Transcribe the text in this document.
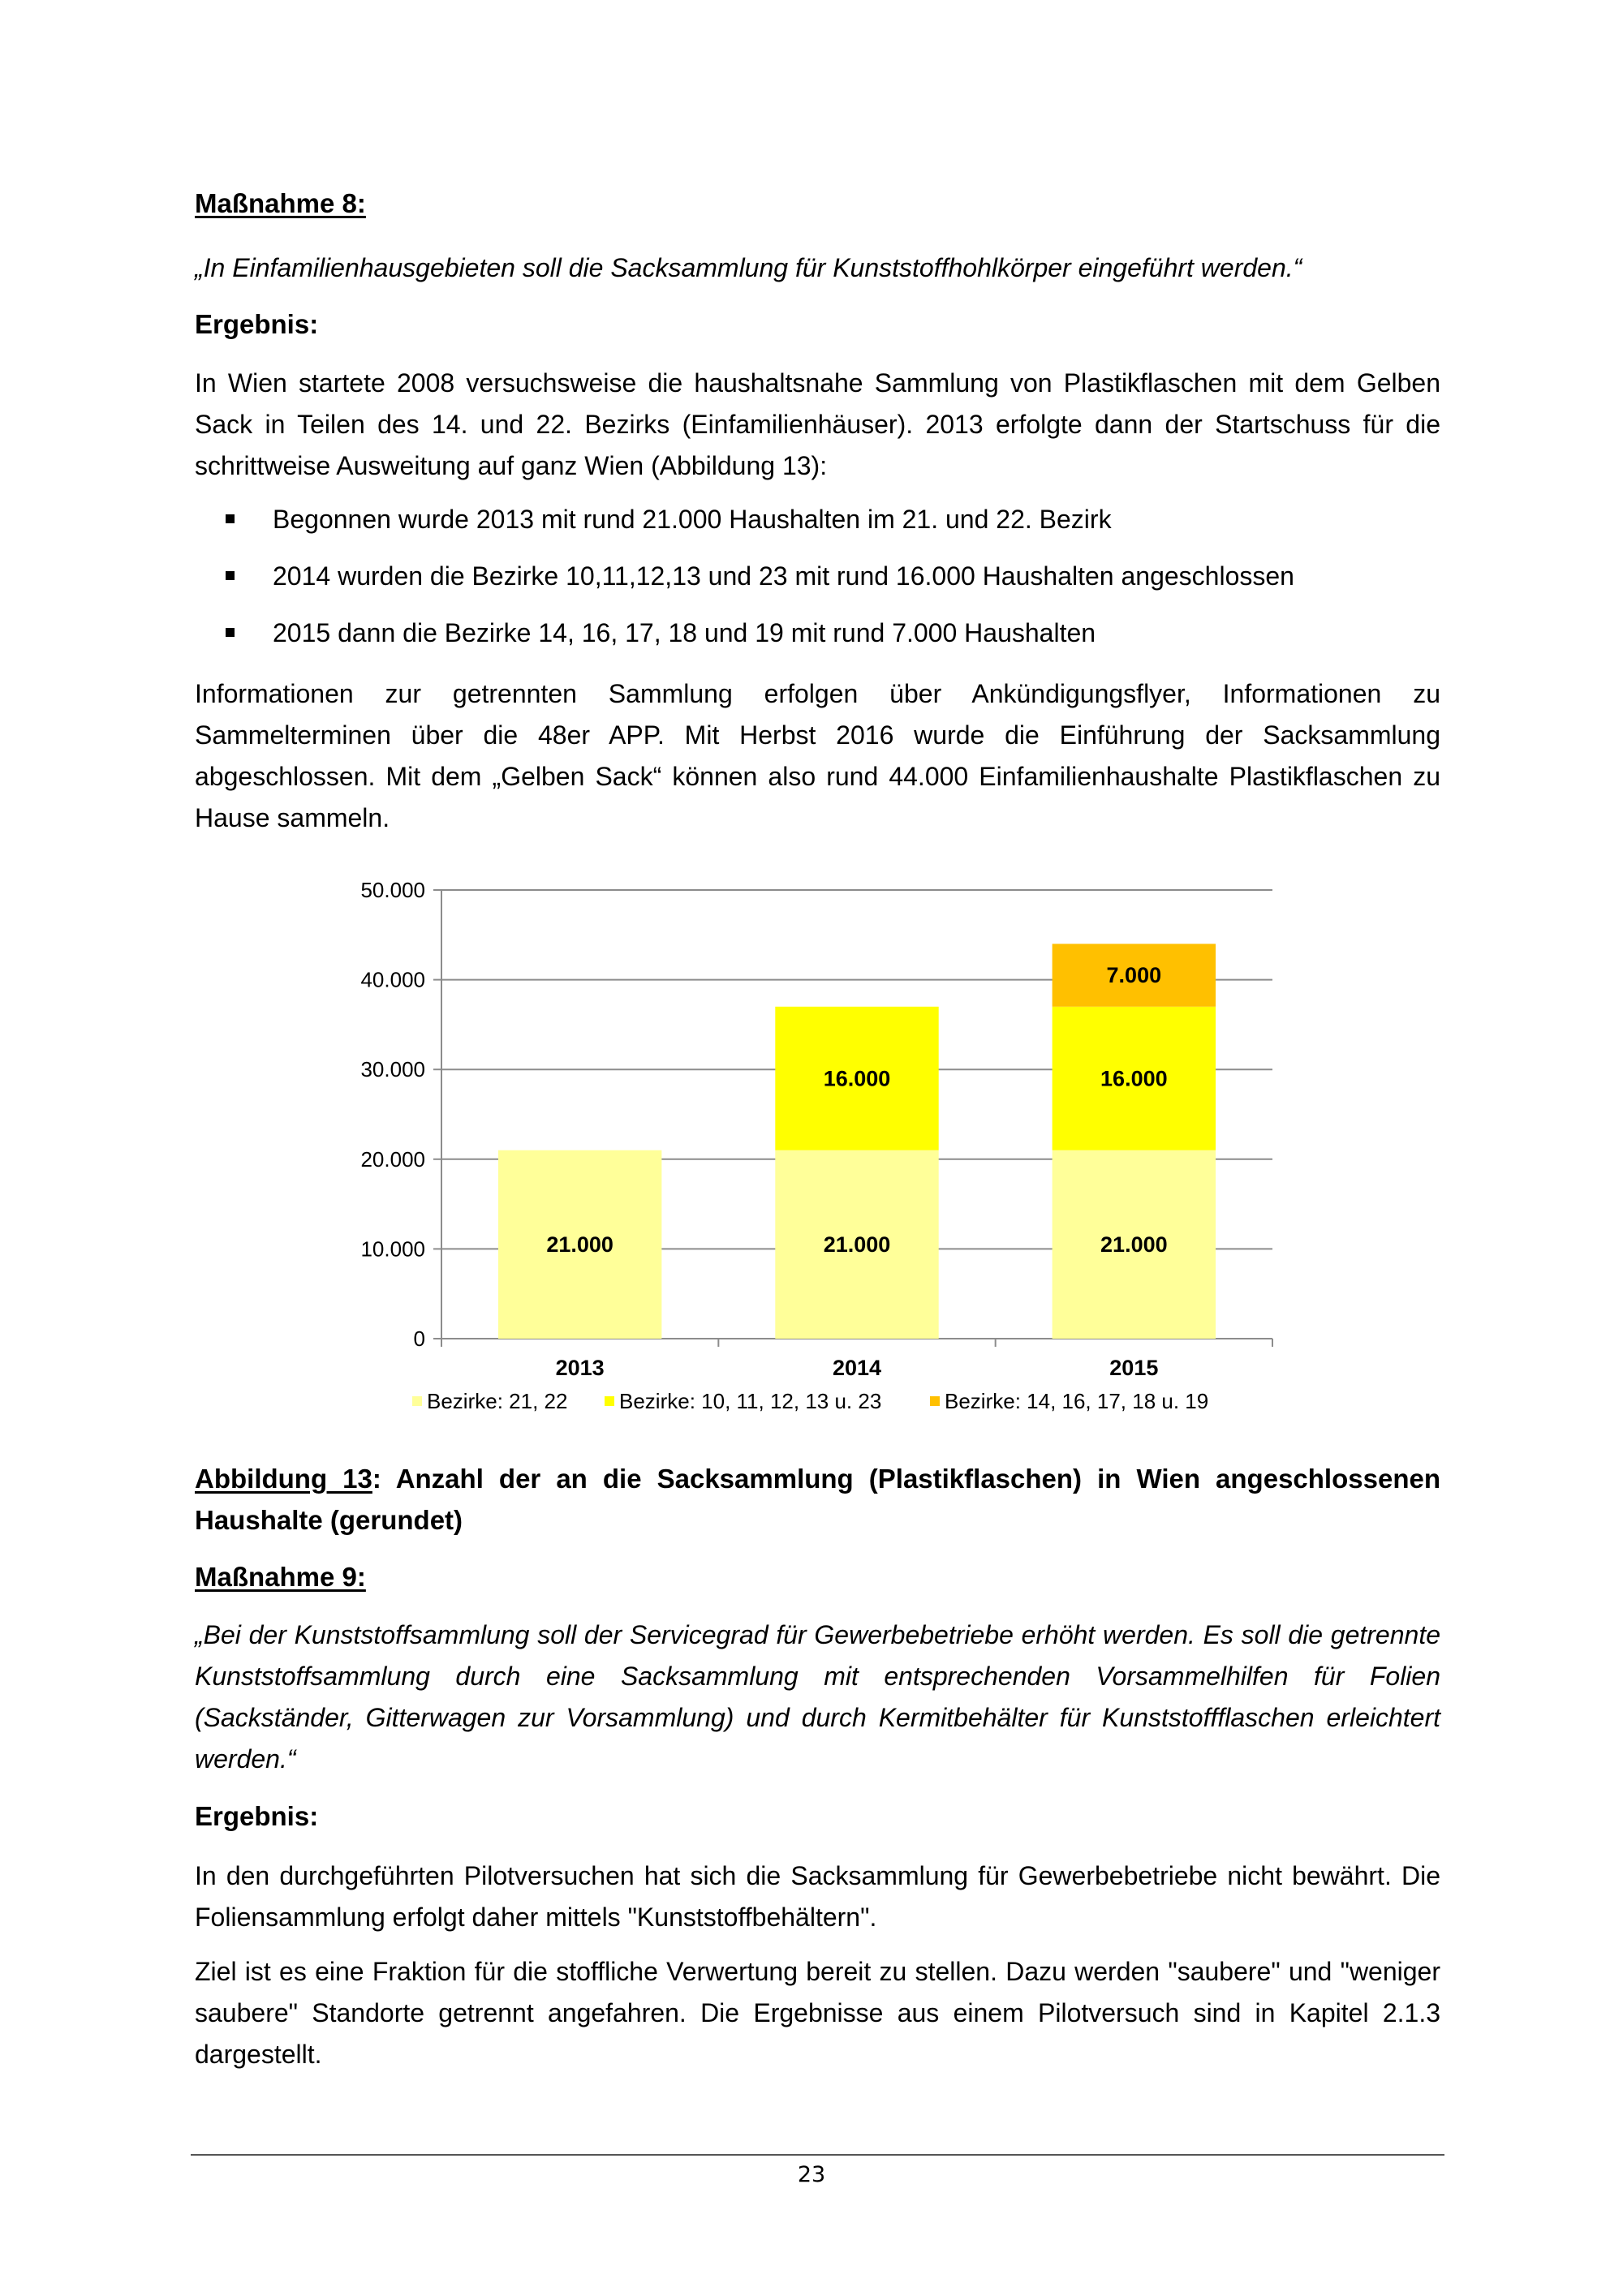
Maßnahme 8:

„In Einfamilienhausgebieten soll die Sacksammlung für Kunststoffhohlkörper eingeführt werden.“

Ergebnis:

In Wien startete 2008 versuchsweise die haushaltsnahe Sammlung von Plastikflaschen mit dem Gelben Sack in Teilen des 14. und 22. Bezirks (Einfamilienhäuser). 2013 erfolgte dann der Startschuss für die schrittweise Ausweitung auf ganz Wien (Abbildung 13):

Begonnen wurde 2013 mit rund 21.000 Haushalten im 21. und 22. Bezirk
2014 wurden die Bezirke 10,11,12,13 und 23 mit rund 16.000 Haushalten angeschlossen
2015 dann die Bezirke 14, 16, 17, 18 und 19 mit rund 7.000 Haushalten

Informationen zur getrennten Sammlung erfolgen über Ankündigungsflyer, Informationen zu Sammelterminen über die 48er APP. Mit Herbst 2016 wurde die Einführung der Sacksammlung abgeschlossen. Mit dem „Gelben Sack“ können also rund 44.000 Einfamilienhaushalte Plastikflaschen zu Hause sammeln.

Abbildung 13: Anzahl der an die Sacksammlung (Plastikflaschen) in Wien angeschlossenen Haushalte (gerundet)
Maßnahme 9:

„Bei der Kunststoffsammlung soll der Servicegrad für Gewerbebetriebe erhöht werden. Es soll die getrennte Kunststoffsammlung durch eine Sacksammlung mit entsprechenden Vorsammelhilfen für Folien (Sackständer, Gitterwagen zur Vorsammlung) und durch Kermitbehälter für Kunststoffflaschen erleichtert werden.“

Ergebnis:

In den durchgeführten Pilotversuchen hat sich die Sacksammlung für Gewerbebetriebe nicht bewährt. Die Foliensammlung erfolgt daher mittels "Kunststoffbehältern".

Ziel ist es eine Fraktion für die stoffliche Verwertung bereit zu stellen. Dazu werden "saubere" und "weniger saubere" Standorte getrennt angefahren. Die Ergebnisse aus einem Pilotversuch sind in Kapitel 2.1.3 dargestellt.

0
10.000
20.000
30.000
40.000
50.000
21.000
2013
21.000
16.000
2014
21.000
16.000
7.000
2015
Bezirke: 21, 22 Bezirke: 10, 11, 12, 13 u. 23	Bezirke: 14, 16, 17, 18 u. 19
23
